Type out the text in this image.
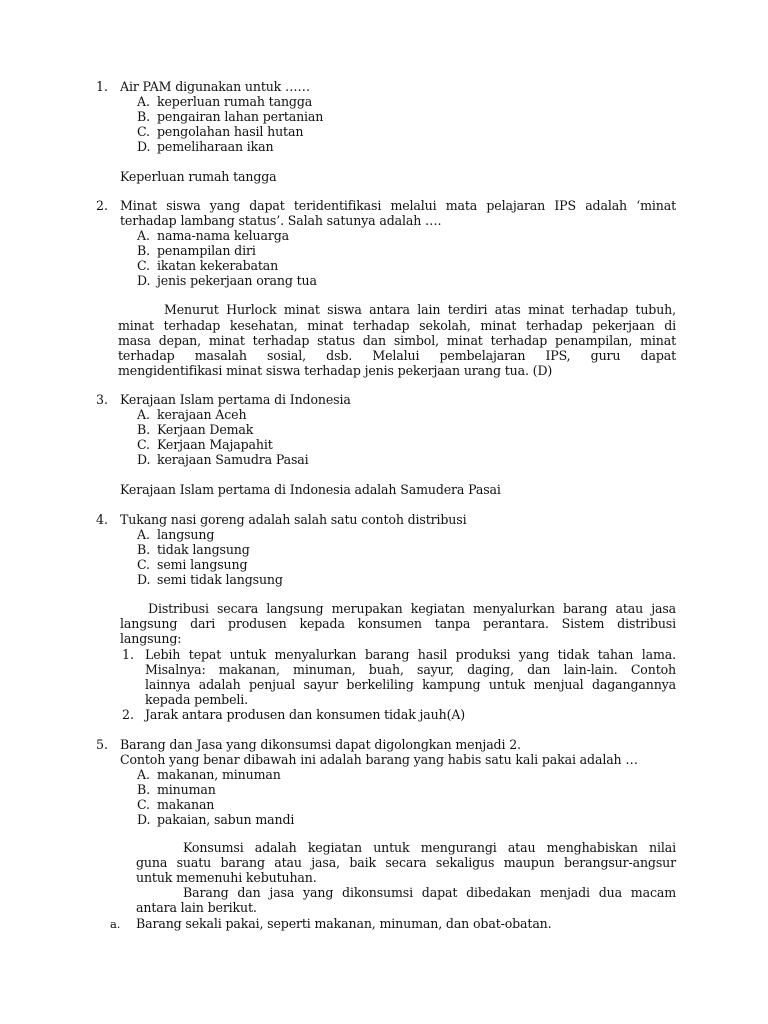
1. Air PAM digunakan untuk ……
A. keperluan rumah tangga
B. pengairan lahan pertanian
C. pengolahan hasil hutan
D. pemeliharaan ikan
Keperluan rumah tangga
2. Minat siswa yang dapat teridentifikasi melalui mata pelajaran IPS adalah ‘minat
terhadap lambang status’. Salah satunya adalah ….
A. nama-nama keluarga
B. penampilan diri
C. ikatan kekerabatan
D. jenis pekerjaan orang tua
Menurut Hurlock minat siswa antara lain terdiri atas minat terhadap tubuh,
minat terhadap kesehatan, minat terhadap sekolah, minat terhadap pekerjaan di
masa depan, minat terhadap status dan simbol, minat terhadap penampilan, minat
terhadap masalah sosial, dsb. Melalui pembelajaran IPS, guru dapat
mengidentifikasi minat siswa terhadap jenis pekerjaan urang tua. (D)
3. Kerajaan Islam pertama di Indonesia
A. kerajaan Aceh
B. Kerjaan Demak
C. Kerjaan Majapahit
D. kerajaan Samudra Pasai
Kerajaan Islam pertama di Indonesia adalah Samudera Pasai
4. Tukang nasi goreng adalah salah satu contoh distribusi
A. langsung
B. tidak langsung
C. semi langsung
D. semi tidak langsung
Distribusi secara langsung merupakan kegiatan menyalurkan barang atau jasa
langsung dari produsen kepada konsumen tanpa perantara. Sistem distribusi
langsung:
1. Lebih tepat untuk menyalurkan barang hasil produksi yang tidak tahan lama.
Misalnya: makanan, minuman, buah, sayur, daging, dan lain-lain. Contoh
lainnya adalah penjual sayur berkeliling kampung untuk menjual dagangannya
kepada pembeli.
2. Jarak antara produsen dan konsumen tidak jauh(A)
5. Barang dan Jasa yang dikonsumsi dapat digolongkan menjadi 2.
Contoh yang benar dibawah ini adalah barang yang habis satu kali pakai adalah …
A. makanan, minuman
B. minuman
C. makanan
D. pakaian, sabun mandi
Konsumsi adalah kegiatan untuk mengurangi atau menghabiskan nilai
guna suatu barang atau jasa, baik secara sekaligus maupun berangsur-angsur
untuk memenuhi kebutuhan.
Barang dan jasa yang dikonsumsi dapat dibedakan menjadi dua macam
antara lain berikut.
a. Barang sekali pakai, seperti makanan, minuman, dan obat-obatan.
